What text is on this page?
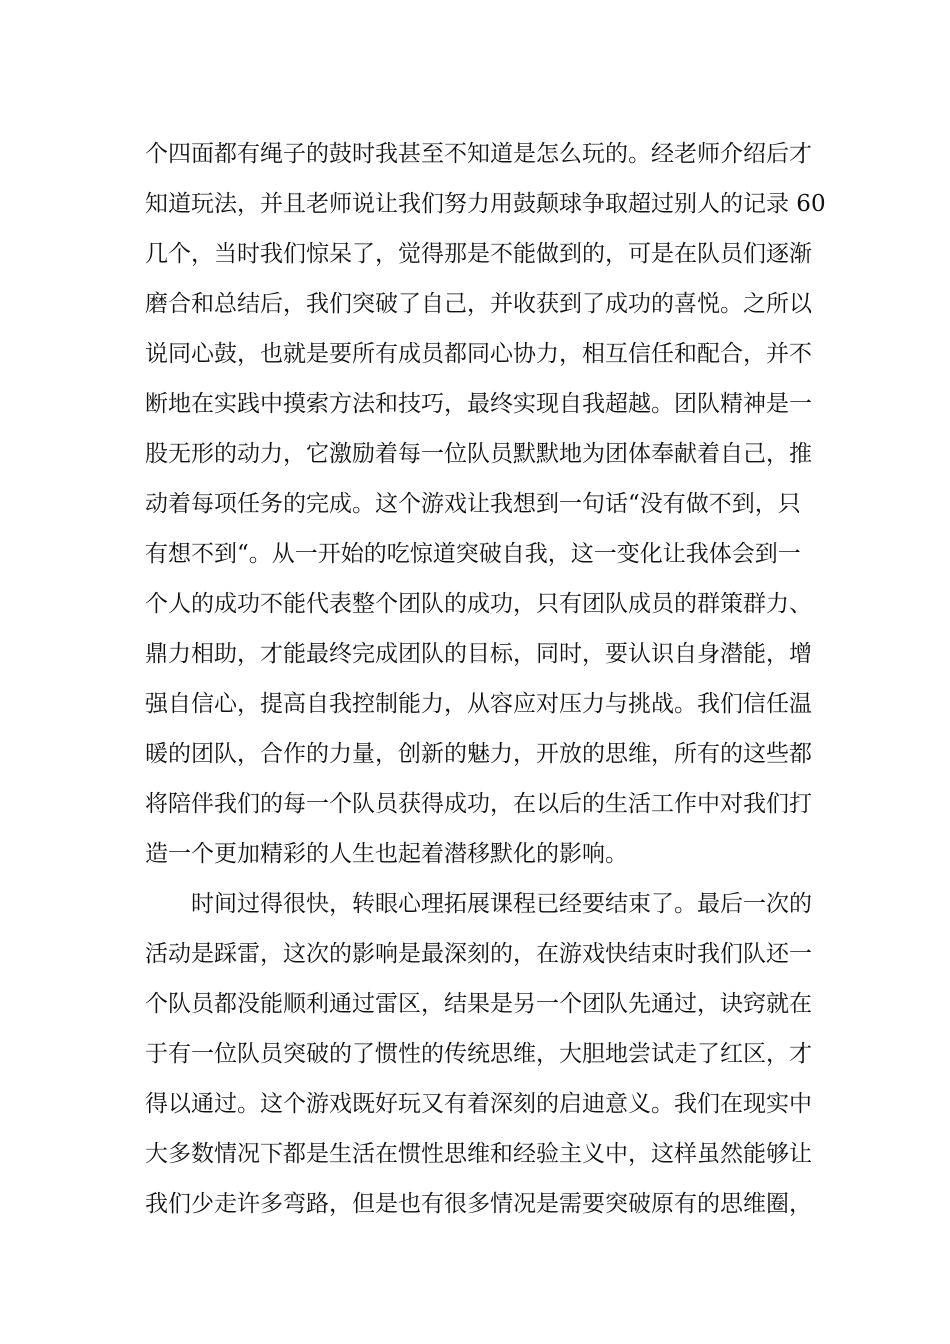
个四面都有绳子的鼓时我甚至不知道是怎么玩的。经老师介绍后才
知道玩法，并且老师说让我们努力用鼓颠球争取超过别人的记录 60
几个，当时我们惊呆了，觉得那是不能做到的，可是在队员们逐渐
磨合和总结后，我们突破了自己，并收获到了成功的喜悦。之所以
说同心鼓，也就是要所有成员都同心协力，相互信任和配合，并不
断地在实践中摸索方法和技巧，最终实现自我超越。团队精神是一
股无形的动力，它激励着每一位队员默默地为团体奉献着自己，推
动着每项任务的完成。这个游戏让我想到一句话“没有做不到，只
有想不到“。从一开始的吃惊道突破自我，这一变化让我体会到一
个人的成功不能代表整个团队的成功，只有团队成员的群策群力、
鼎力相助，才能最终完成团队的目标，同时，要认识自身潜能，增
强自信心，提高自我控制能力，从容应对压力与挑战。我们信任温
暖的团队，合作的力量，创新的魅力，开放的思维，所有的这些都
将陪伴我们的每一个队员获得成功，在以后的生活工作中对我们打
造一个更加精彩的人生也起着潜移默化的影响。
时间过得很快，转眼心理拓展课程已经要结束了。最后一次的
活动是踩雷，这次的影响是最深刻的，在游戏快结束时我们队还一
个队员都没能顺利通过雷区，结果是另一个团队先通过，诀窍就在
于有一位队员突破的了惯性的传统思维，大胆地尝试走了红区，才
得以通过。这个游戏既好玩又有着深刻的启迪意义。我们在现实中
大多数情况下都是生活在惯性思维和经验主义中，这样虽然能够让
我们少走许多弯路，但是也有很多情况是需要突破原有的思维圈，
